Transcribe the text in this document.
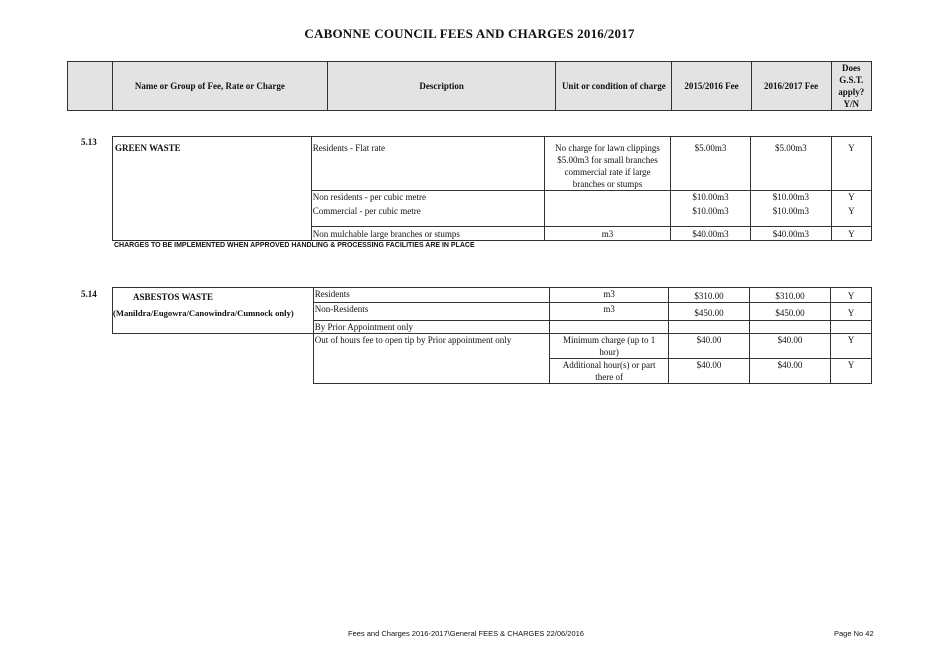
CABONNE COUNCIL FEES AND CHARGES 2016/2017
	Name or Group of Fee, Rate or Charge	Description	Unit or condition of charge	2015/2016 Fee	2016/2017 Fee	Does G.S.T. apply? Y/N
5.13
GREEN WASTE	Residents - Flat rate	No charge for lawn clippings $5.00m3 for small branches commercial rate if large branches or stumps	$5.00m3	$5.00m3	Y
	Non residents - per cubic metre		$10.00m3	$10.00m3	Y
	Commercial - per cubic metre		$10.00m3	$10.00m3	Y
	Non mulchable large branches or stumps	m3	$40.00m3	$40.00m3	Y
CHARGES TO BE IMPLEMENTED WHEN APPROVED HANDLING & PROCESSING FACILITIES ARE IN PLACE
5.14	ASBESTOS WASTE
(Manildra/Eugowra/Canowindra/Cumnock only)	Residents	m3	$310.00	$310.00	Y
	Non-Residents	m3	$450.00	$450.00	Y
	By Prior Appointment only				
	Out of hours fee to open tip by Prior appointment only	Minimum charge (up to 1 hour)	$40.00	$40.00	Y
		Additional hour(s) or part there of	$40.00	$40.00	Y
Fees and Charges 2016-2017\General FEES & CHARGES 22/06/2016	Page No 42
